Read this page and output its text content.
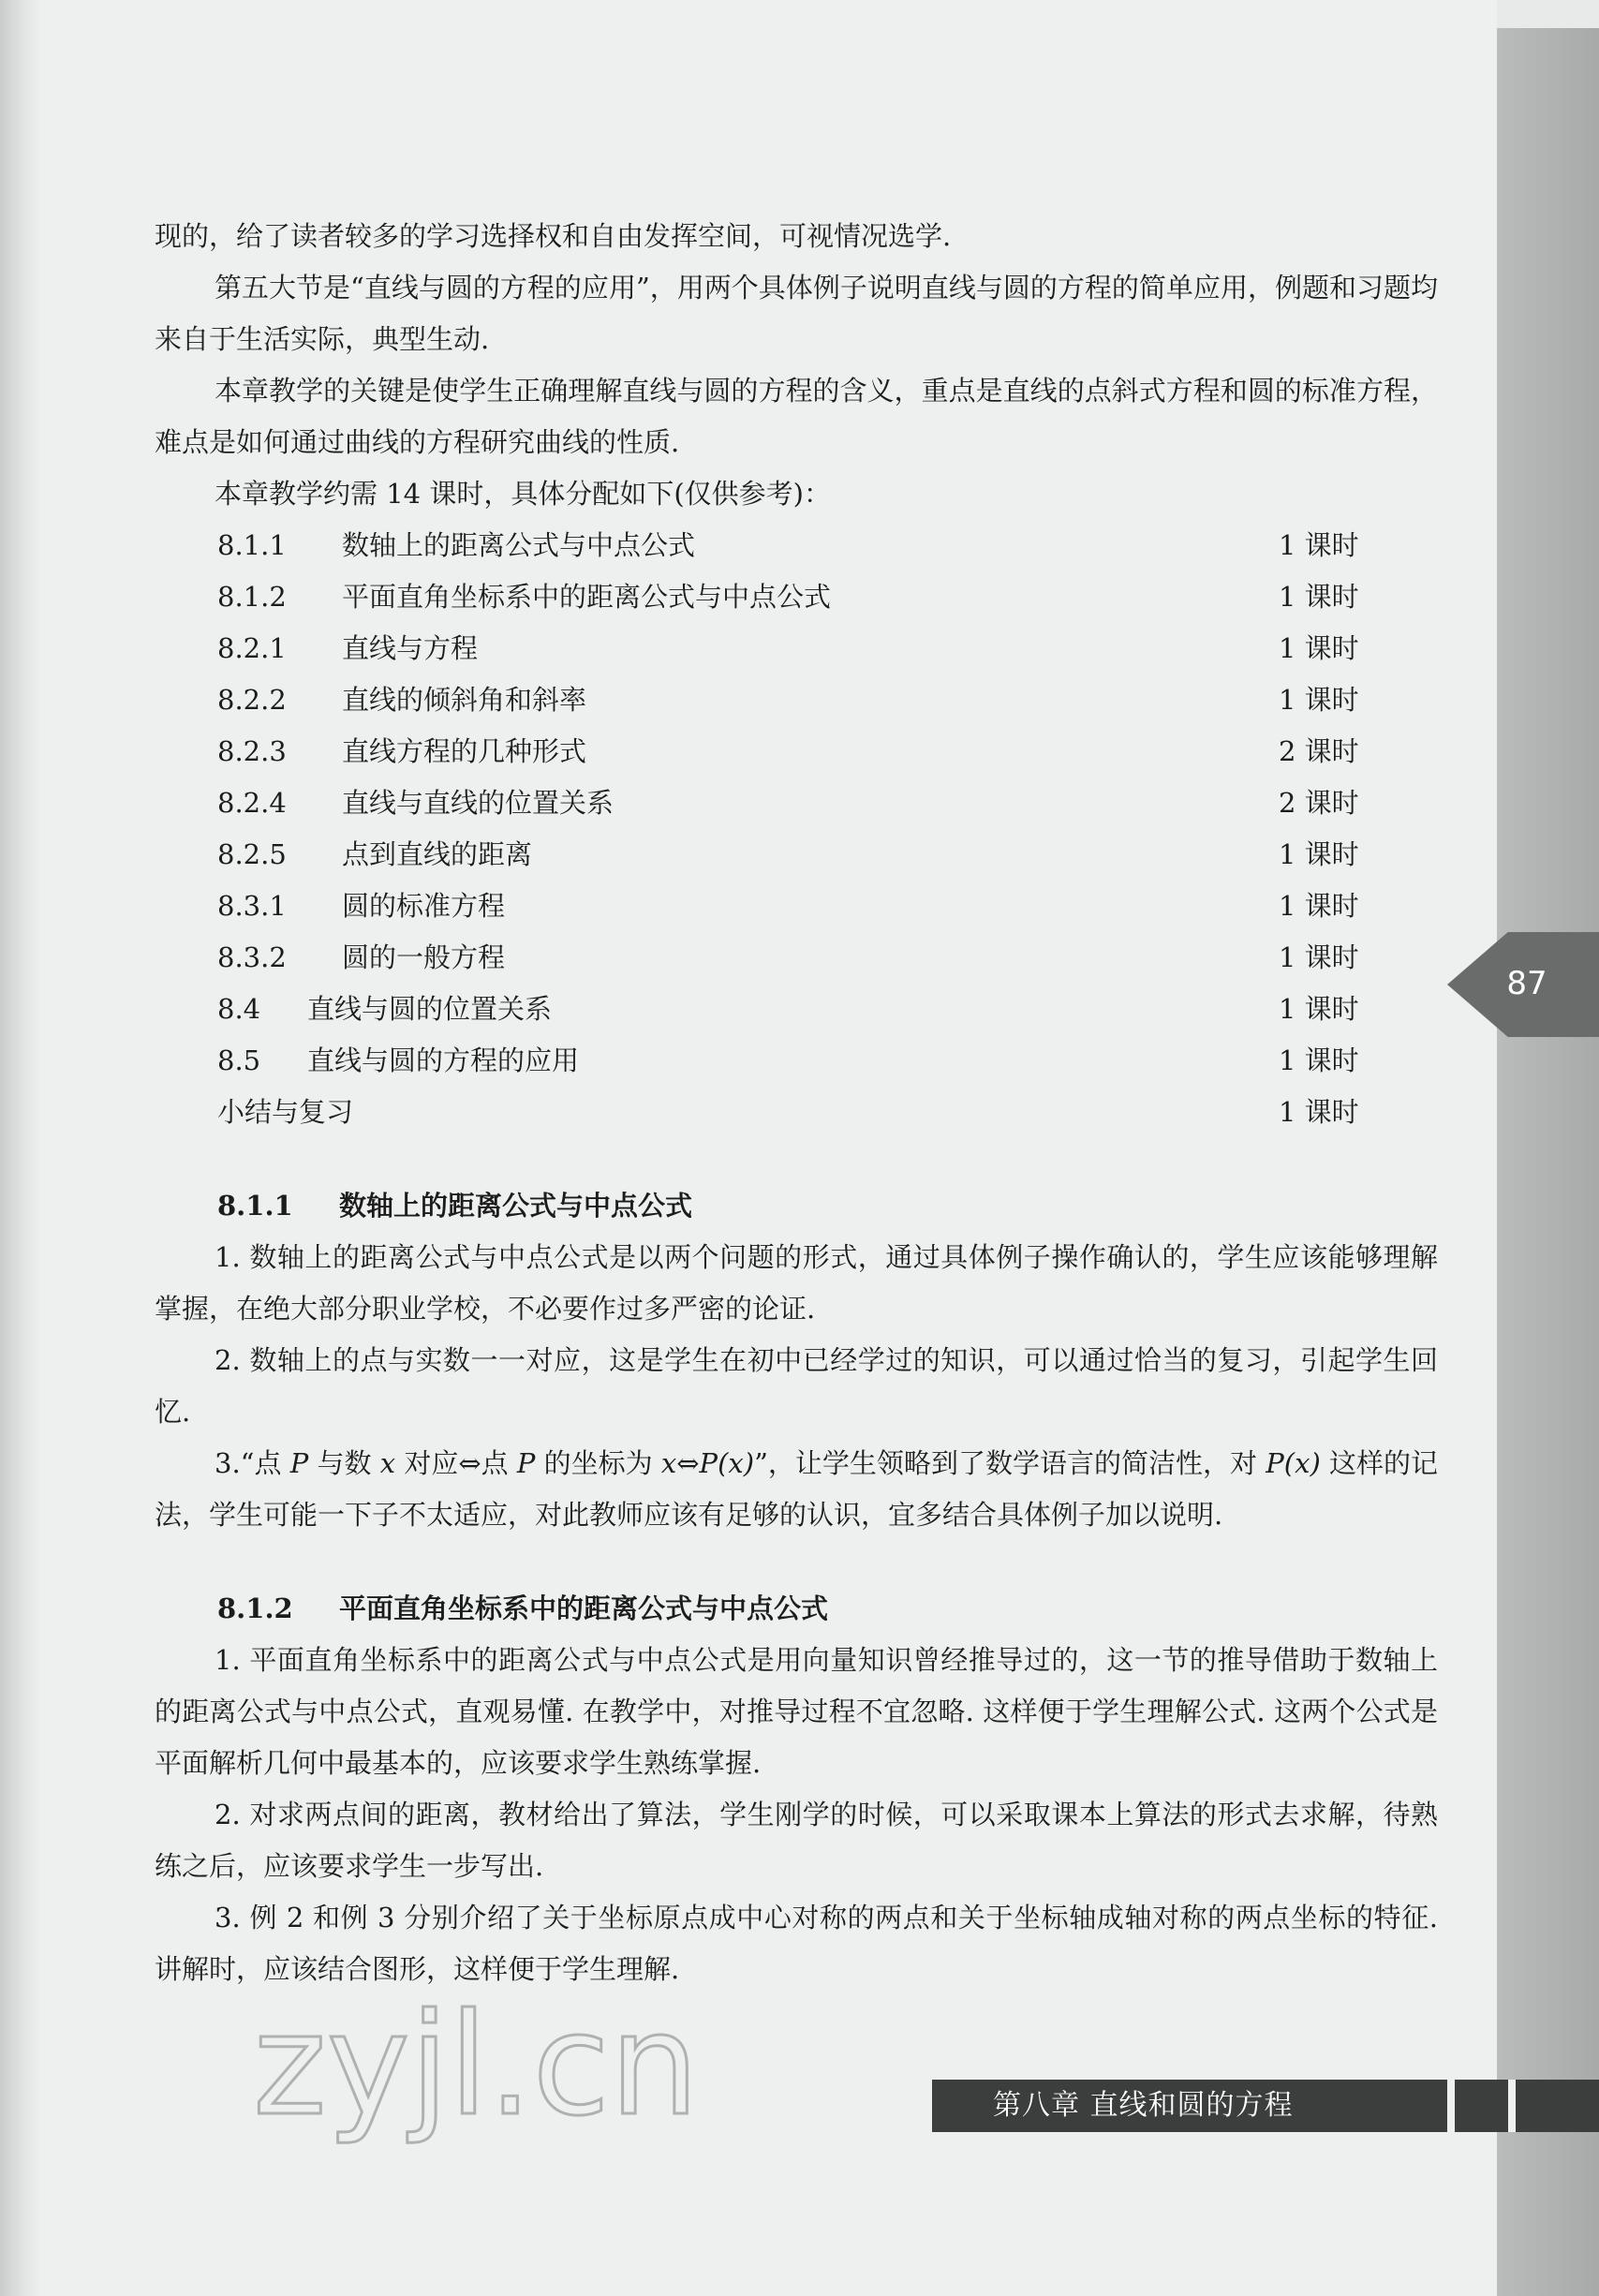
87

现的，给了读者较多的学习选择权和自由发挥空间，可视情况选学.

第五大节是“直线与圆的方程的应用”，用两个具体例子说明直线与圆的方程的简单应用，例题和习题均来自于生活实际，典型生动.

本章教学的关键是使学生正确理解直线与圆的方程的含义，重点是直线的点斜式方程和圆的标准方程，难点是如何通过曲线的方程研究曲线的性质.

本章教学约需 14 课时，具体分配如下(仅供参考)：

8.1.1 数轴上的距离公式与中点公式	1 课时
8.1.2 平面直角坐标系中的距离公式与中点公式	1 课时
8.2.1 直线与方程	1 课时
8.2.2 直线的倾斜角和斜率	1 课时
8.2.3 直线方程的几种形式	2 课时
8.2.4 直线与直线的位置关系	2 课时
8.2.5 点到直线的距离	1 课时
8.3.1 圆的标准方程	1 课时
8.3.2 圆的一般方程	1 课时
8.4 直线与圆的位置关系	1 课时
8.5 直线与圆的方程的应用	1 课时
小结与复习	1 课时
8.1.1 数轴上的距离公式与中点公式

1. 数轴上的距离公式与中点公式是以两个问题的形式，通过具体例子操作确认的，学生应该能够理解掌握，在绝大部分职业学校，不必要作过多严密的论证.

2. 数轴上的点与实数一一对应，这是学生在初中已经学过的知识，可以通过恰当的复习，引起学生回忆.

3.“点 P 与数 x 对应⇔点 P 的坐标为 x⇔P(x)”，让学生领略到了数学语言的简洁性，对 P(x) 这样的记法，学生可能一下子不太适应，对此教师应该有足够的认识，宜多结合具体例子加以说明.

8.1.2 平面直角坐标系中的距离公式与中点公式

1. 平面直角坐标系中的距离公式与中点公式是用向量知识曾经推导过的，这一节的推导借助于数轴上的距离公式与中点公式，直观易懂. 在教学中，对推导过程不宜忽略. 这样便于学生理解公式. 这两个公式是平面解析几何中最基本的，应该要求学生熟练掌握.

2. 对求两点间的距离，教材给出了算法，学生刚学的时候，可以采取课本上算法的形式去求解，待熟练之后，应该要求学生一步写出.

3. 例 2 和例 3 分别介绍了关于坐标原点成中心对称的两点和关于坐标轴成轴对称的两点坐标的特征. 讲解时，应该结合图形，这样便于学生理解.

zyjl.cn	第八章 直线和圆的方程
